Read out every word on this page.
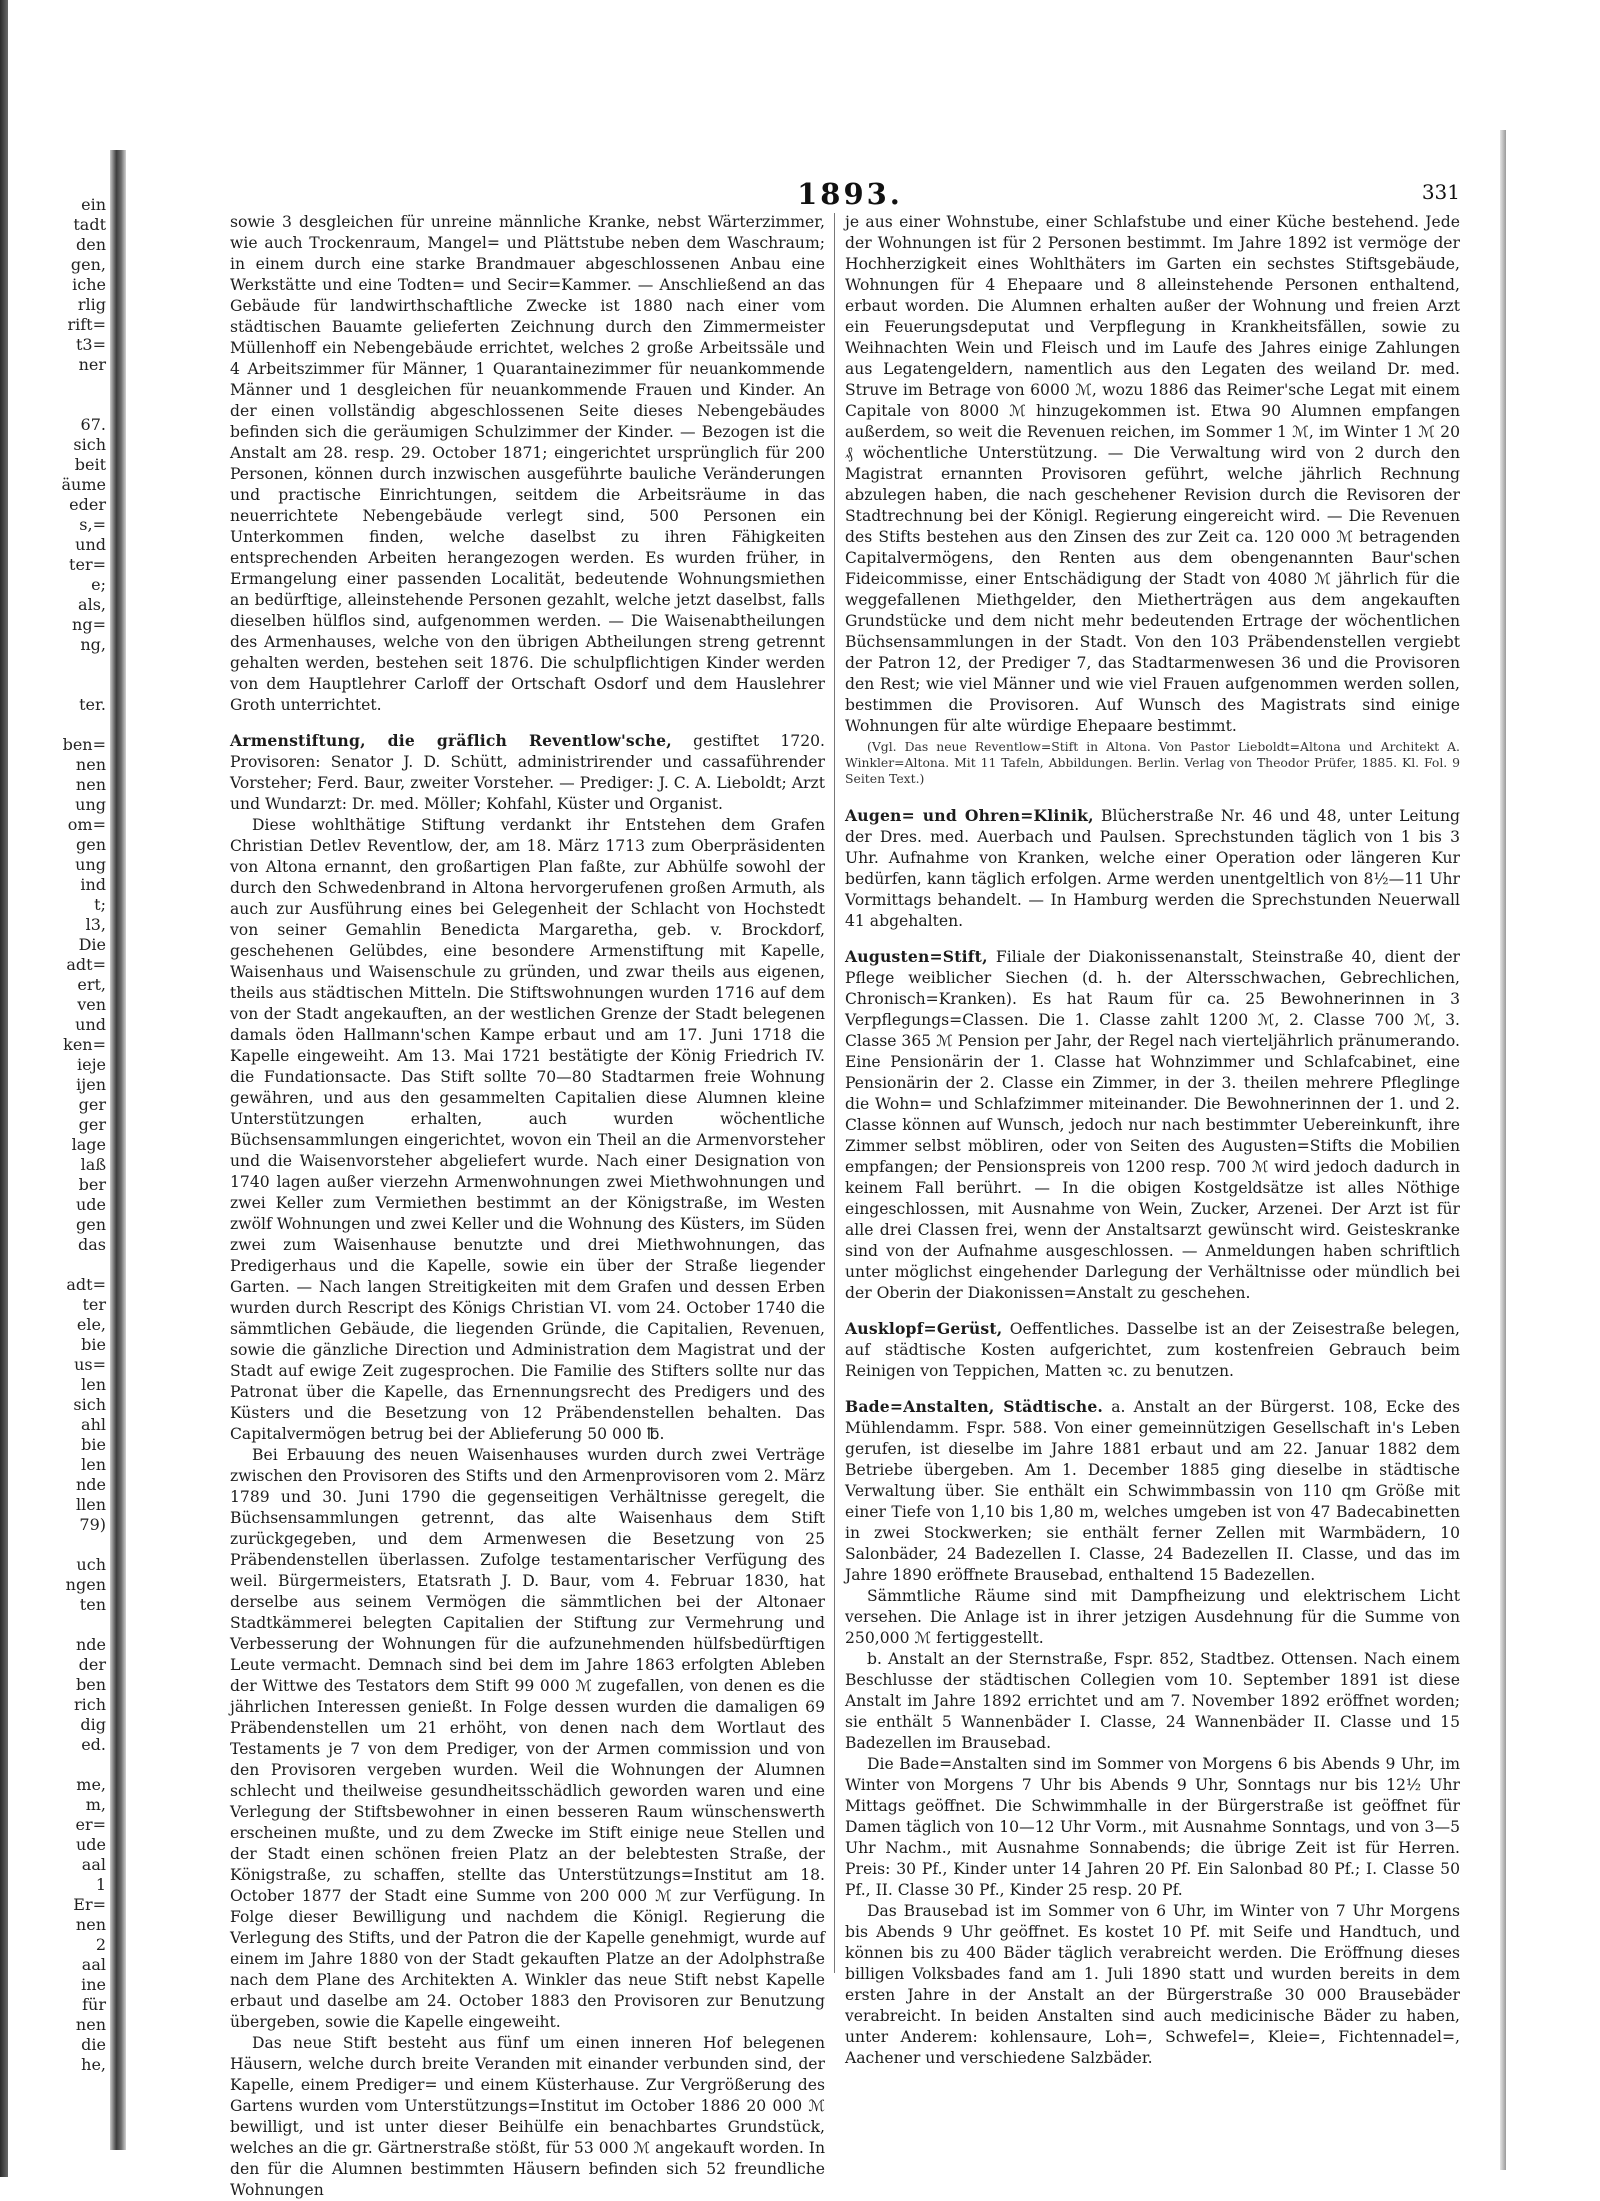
ein
tadt
den
gen,
iche
rlig
rift=
t3=
ner
67.
sich
beit
äume
eder
s,=
und
ter=
e;
als,
ng=
ng,
ter.
ben=
nen
nen
ung
om=
gen
ung
ind
t;
l3,
Die
adt=
ert,
ven
und
ken=
ieje
ijen
ger
ger
lage
laß
ber
ude
gen
das
adt=
ter
ele,
bie
us=
len
sich
ahl
bie
len
nde
llen
79)
uch
ngen
ten
nde
der
ben
rich
dig
ed.
me,
m,
er=
ude
aal
1
Er=
nen
2
aal
ine
für
nen
die
he,
1893.	331

sowie 3 desgleichen für unreine männliche Kranke, nebst Wärterzimmer, wie auch Trockenraum, Mangel= und Plättstube neben dem Waschraum; in einem durch eine starke Brandmauer abgeschlossenen Anbau eine Werkstätte und eine Todten= und Secir=Kammer. — Anschließend an das Gebäude für landwirthschaftliche Zwecke ist 1880 nach einer vom städtischen Bauamte gelieferten Zeichnung durch den Zimmermeister Müllenhoff ein Nebengebäude errichtet, welches 2 große Arbeitssäle und 4 Arbeitszimmer für Männer, 1 Quarantainezimmer für neuankommende Männer und 1 desgleichen für neuankommende Frauen und Kinder. An der einen vollständig abgeschlossenen Seite dieses Nebengebäudes befinden sich die geräumigen Schulzimmer der Kinder. — Bezogen ist die Anstalt am 28. resp. 29. October 1871; eingerichtet ursprünglich für 200 Personen, können durch inzwischen ausgeführte bauliche Veränderungen und practische Einrichtungen, seitdem die Arbeitsräume in das neuerrichtete Nebengebäude verlegt sind, 500 Personen ein Unterkommen finden, welche daselbst zu ihren Fähigkeiten entsprechenden Arbeiten herangezogen werden. Es wurden früher, in Ermangelung einer passenden Localität, bedeutende Wohnungsmiethen an bedürftige, alleinstehende Personen gezahlt, welche jetzt daselbst, falls dieselben hülflos sind, aufgenommen werden. — Die Waisenabtheilungen des Armenhauses, welche von den übrigen Abtheilungen streng getrennt gehalten werden, bestehen seit 1876. Die schulpflichtigen Kinder werden von dem Hauptlehrer Carloff der Ortschaft Osdorf und dem Hauslehrer Groth unterrichtet.

Armenstiftung, die gräflich Reventlow'sche, gestiftet 1720. Provisoren: Senator J. D. Schütt, administrirender und cassaführender Vorsteher; Ferd. Baur, zweiter Vorsteher. — Prediger: J. C. A. Lieboldt; Arzt und Wundarzt: Dr. med. Möller; Kohfahl, Küster und Organist.

Diese wohlthätige Stiftung verdankt ihr Entstehen dem Grafen Christian Detlev Reventlow, der, am 18. März 1713 zum Oberpräsidenten von Altona ernannt, den großartigen Plan faßte, zur Abhülfe sowohl der durch den Schwedenbrand in Altona hervorgerufenen großen Armuth, als auch zur Ausführung eines bei Gelegenheit der Schlacht von Hochstedt von seiner Gemahlin Benedicta Margaretha, geb. v. Brockdorf, geschehenen Gelübdes, eine besondere Armenstiftung mit Kapelle, Waisenhaus und Waisenschule zu gründen, und zwar theils aus eigenen, theils aus städtischen Mitteln. Die Stiftswohnungen wurden 1716 auf dem von der Stadt angekauften, an der westlichen Grenze der Stadt belegenen damals öden Hallmann'schen Kampe erbaut und am 17. Juni 1718 die Kapelle eingeweiht. Am 13. Mai 1721 bestätigte der König Friedrich IV. die Fundationsacte. Das Stift sollte 70—80 Stadtarmen freie Wohnung gewähren, und aus den gesammelten Capitalien diese Alumnen kleine Unterstützungen erhalten, auch wurden wöchentliche Büchsensammlungen eingerichtet, wovon ein Theil an die Armenvorsteher und die Waisenvorsteher abgeliefert wurde. Nach einer Designation von 1740 lagen außer vierzehn Armenwohnungen zwei Miethwohnungen und zwei Keller zum Vermiethen bestimmt an der Königstraße, im Westen zwölf Wohnungen und zwei Keller und die Wohnung des Küsters, im Süden zwei zum Waisenhause benutzte und drei Miethwohnungen, das Predigerhaus und die Kapelle, sowie ein über der Straße liegender Garten. — Nach langen Streitigkeiten mit dem Grafen und dessen Erben wurden durch Rescript des Königs Christian VI. vom 24. October 1740 die sämmtlichen Gebäude, die liegenden Gründe, die Capitalien, Revenuen, sowie die gänzliche Direction und Administration dem Magistrat und der Stadt auf ewige Zeit zugesprochen. Die Familie des Stifters sollte nur das Patronat über die Kapelle, das Ernennungsrecht des Predigers und des Küsters und die Besetzung von 12 Präbendenstellen behalten. Das Capitalvermögen betrug bei der Ablieferung 50 000 ℔.

Bei Erbauung des neuen Waisenhauses wurden durch zwei Verträge zwischen den Provisoren des Stifts und den Armenprovisoren vom 2. März 1789 und 30. Juni 1790 die gegenseitigen Verhältnisse geregelt, die Büchsensammlungen getrennt, das alte Waisenhaus dem Stift zurückgegeben, und dem Armenwesen die Besetzung von 25 Präbendenstellen überlassen. Zufolge testamentarischer Verfügung des weil. Bürgermeisters, Etatsrath J. D. Baur, vom 4. Februar 1830, hat derselbe aus seinem Vermögen die sämmtlichen bei der Altonaer Stadtkämmerei belegten Capitalien der Stiftung zur Vermehrung und Verbesserung der Wohnungen für die aufzunehmenden hülfsbedürftigen Leute vermacht. Demnach sind bei dem im Jahre 1863 erfolgten Ableben der Wittwe des Testators dem Stift 99 000 ℳ zugefallen, von denen es die jährlichen Interessen genießt. In Folge dessen wurden die damaligen 69 Präbendenstellen um 21 erhöht, von denen nach dem Wortlaut des Testaments je 7 von dem Prediger, von der Armen commission und von den Provisoren vergeben wurden. Weil die Wohnungen der Alumnen schlecht und theilweise gesundheitsschädlich geworden waren und eine Verlegung der Stiftsbewohner in einen besseren Raum wünschenswerth erscheinen mußte, und zu dem Zwecke im Stift einige neue Stellen und der Stadt einen schönen freien Platz an der belebtesten Straße, der Königstraße, zu schaffen, stellte das Unterstützungs=Institut am 18. October 1877 der Stadt eine Summe von 200 000 ℳ zur Verfügung. In Folge dieser Bewilligung und nachdem die Königl. Regierung die Verlegung des Stifts, und der Patron die der Kapelle genehmigt, wurde auf einem im Jahre 1880 von der Stadt gekauften Platze an der Adolphstraße nach dem Plane des Architekten A. Winkler das neue Stift nebst Kapelle erbaut und daselbe am 24. October 1883 den Provisoren zur Benutzung übergeben, sowie die Kapelle eingeweiht.

Das neue Stift besteht aus fünf um einen inneren Hof belegenen Häusern, welche durch breite Veranden mit einander verbunden sind, der Kapelle, einem Prediger= und einem Küsterhause. Zur Vergrößerung des Gartens wurden vom Unterstützungs=Institut im October 1886 20 000 ℳ bewilligt, und ist unter dieser Beihülfe ein benachbartes Grundstück, welches an die gr. Gärtnerstraße stößt, für 53 000 ℳ angekauft worden. In den für die Alumnen bestimmten Häusern befinden sich 52 freundliche Wohnungen

je aus einer Wohnstube, einer Schlafstube und einer Küche bestehend. Jede der Wohnungen ist für 2 Personen bestimmt. Im Jahre 1892 ist vermöge der Hochherzigkeit eines Wohlthäters im Garten ein sechstes Stiftsgebäude, Wohnungen für 4 Ehepaare und 8 alleinstehende Personen enthaltend, erbaut worden. Die Alumnen erhalten außer der Wohnung und freien Arzt ein Feuerungsdeputat und Verpflegung in Krankheitsfällen, sowie zu Weihnachten Wein und Fleisch und im Laufe des Jahres einige Zahlungen aus Legatengeldern, namentlich aus den Legaten des weiland Dr. med. Struve im Betrage von 6000 ℳ, wozu 1886 das Reimer'sche Legat mit einem Capitale von 8000 ℳ hinzugekommen ist. Etwa 90 Alumnen empfangen außerdem, so weit die Revenuen reichen, im Sommer 1 ℳ, im Winter 1 ℳ 20 ₰ wöchentliche Unterstützung. — Die Verwaltung wird von 2 durch den Magistrat ernannten Provisoren geführt, welche jährlich Rechnung abzulegen haben, die nach geschehener Revision durch die Revisoren der Stadtrechnung bei der Königl. Regierung eingereicht wird. — Die Revenuen des Stifts bestehen aus den Zinsen des zur Zeit ca. 120 000 ℳ betragenden Capitalvermögens, den Renten aus dem obengenannten Baur'schen Fideicommisse, einer Entschädigung der Stadt von 4080 ℳ jährlich für die weggefallenen Miethgelder, den Mietherträgen aus dem angekauften Grundstücke und dem nicht mehr bedeutenden Ertrage der wöchentlichen Büchsensammlungen in der Stadt. Von den 103 Präbendenstellen vergiebt der Patron 12, der Prediger 7, das Stadtarmenwesen 36 und die Provisoren den Rest; wie viel Männer und wie viel Frauen aufgenommen werden sollen, bestimmen die Provisoren. Auf Wunsch des Magistrats sind einige Wohnungen für alte würdige Ehepaare bestimmt.

(Vgl. Das neue Reventlow=Stift in Altona. Von Pastor Lieboldt=Altona und Architekt A. Winkler=Altona. Mit 11 Tafeln, Abbildungen. Berlin. Verlag von Theodor Prüfer, 1885. Kl. Fol. 9 Seiten Text.)

Augen= und Ohren=Klinik, Blücherstraße Nr. 46 und 48, unter Leitung der Dres. med. Auerbach und Paulsen. Sprechstunden täglich von 1 bis 3 Uhr. Aufnahme von Kranken, welche einer Operation oder längeren Kur bedürfen, kann täglich erfolgen. Arme werden unentgeltlich von 8½—11 Uhr Vormittags behandelt. — In Hamburg werden die Sprechstunden Neuerwall 41 abgehalten.

Augusten=Stift, Filiale der Diakonissenanstalt, Steinstraße 40, dient der Pflege weiblicher Siechen (d. h. der Altersschwachen, Gebrechlichen, Chronisch=Kranken). Es hat Raum für ca. 25 Bewohnerinnen in 3 Verpflegungs=Classen. Die 1. Classe zahlt 1200 ℳ, 2. Classe 700 ℳ, 3. Classe 365 ℳ Pension per Jahr, der Regel nach vierteljährlich pränumerando. Eine Pensionärin der 1. Classe hat Wohnzimmer und Schlafcabinet, eine Pensionärin der 2. Classe ein Zimmer, in der 3. theilen mehrere Pfleglinge die Wohn= und Schlafzimmer miteinander. Die Bewohnerinnen der 1. und 2. Classe können auf Wunsch, jedoch nur nach bestimmter Uebereinkunft, ihre Zimmer selbst möbliren, oder von Seiten des Augusten=Stifts die Mobilien empfangen; der Pensionspreis von 1200 resp. 700 ℳ wird jedoch dadurch in keinem Fall berührt. — In die obigen Kostgeldsätze ist alles Nöthige eingeschlossen, mit Ausnahme von Wein, Zucker, Arzenei. Der Arzt ist für alle drei Classen frei, wenn der Anstaltsarzt gewünscht wird. Geisteskranke sind von der Aufnahme ausgeschlossen. — Anmeldungen haben schriftlich unter möglichst eingehender Darlegung der Verhältnisse oder mündlich bei der Oberin der Diakonissen=Anstalt zu geschehen.

Ausklopf=Gerüst, Oeffentliches. Dasselbe ist an der Zeisestraße belegen, auf städtische Kosten aufgerichtet, zum kostenfreien Gebrauch beim Reinigen von Teppichen, Matten ꝛc. zu benutzen.

Bade=Anstalten, Städtische. a. Anstalt an der Bürgerst. 108, Ecke des Mühlendamm. Fspr. 588. Von einer gemeinnützigen Gesellschaft in's Leben gerufen, ist dieselbe im Jahre 1881 erbaut und am 22. Januar 1882 dem Betriebe übergeben. Am 1. December 1885 ging dieselbe in städtische Verwaltung über. Sie enthält ein Schwimmbassin von 110 qm Größe mit einer Tiefe von 1,10 bis 1,80 m, welches umgeben ist von 47 Badecabinetten in zwei Stockwerken; sie enthält ferner Zellen mit Warmbädern, 10 Salonbäder, 24 Badezellen I. Classe, 24 Badezellen II. Classe, und das im Jahre 1890 eröffnete Brausebad, enthaltend 15 Badezellen.

Sämmtliche Räume sind mit Dampfheizung und elektrischem Licht versehen. Die Anlage ist in ihrer jetzigen Ausdehnung für die Summe von 250,000 ℳ fertiggestellt.

b. Anstalt an der Sternstraße, Fspr. 852, Stadtbez. Ottensen. Nach einem Beschlusse der städtischen Collegien vom 10. September 1891 ist diese Anstalt im Jahre 1892 errichtet und am 7. November 1892 eröffnet worden; sie enthält 5 Wannenbäder I. Classe, 24 Wannenbäder II. Classe und 15 Badezellen im Brausebad.

Die Bade=Anstalten sind im Sommer von Morgens 6 bis Abends 9 Uhr, im Winter von Morgens 7 Uhr bis Abends 9 Uhr, Sonntags nur bis 12½ Uhr Mittags geöffnet. Die Schwimmhalle in der Bürgerstraße ist geöffnet für Damen täglich von 10—12 Uhr Vorm., mit Ausnahme Sonntags, und von 3—5 Uhr Nachm., mit Ausnahme Sonnabends; die übrige Zeit ist für Herren. Preis: 30 Pf., Kinder unter 14 Jahren 20 Pf. Ein Salonbad 80 Pf.; I. Classe 50 Pf., II. Classe 30 Pf., Kinder 25 resp. 20 Pf.

Das Brausebad ist im Sommer von 6 Uhr, im Winter von 7 Uhr Morgens bis Abends 9 Uhr geöffnet. Es kostet 10 Pf. mit Seife und Handtuch, und können bis zu 400 Bäder täglich verabreicht werden. Die Eröffnung dieses billigen Volksbades fand am 1. Juli 1890 statt und wurden bereits in dem ersten Jahre in der Anstalt an der Bürgerstraße 30 000 Brausebäder verabreicht. In beiden Anstalten sind auch medicinische Bäder zu haben, unter Anderem: kohlensaure, Loh=, Schwefel=, Kleie=, Fichtennadel=, Aachener und verschiedene Salzbäder.
